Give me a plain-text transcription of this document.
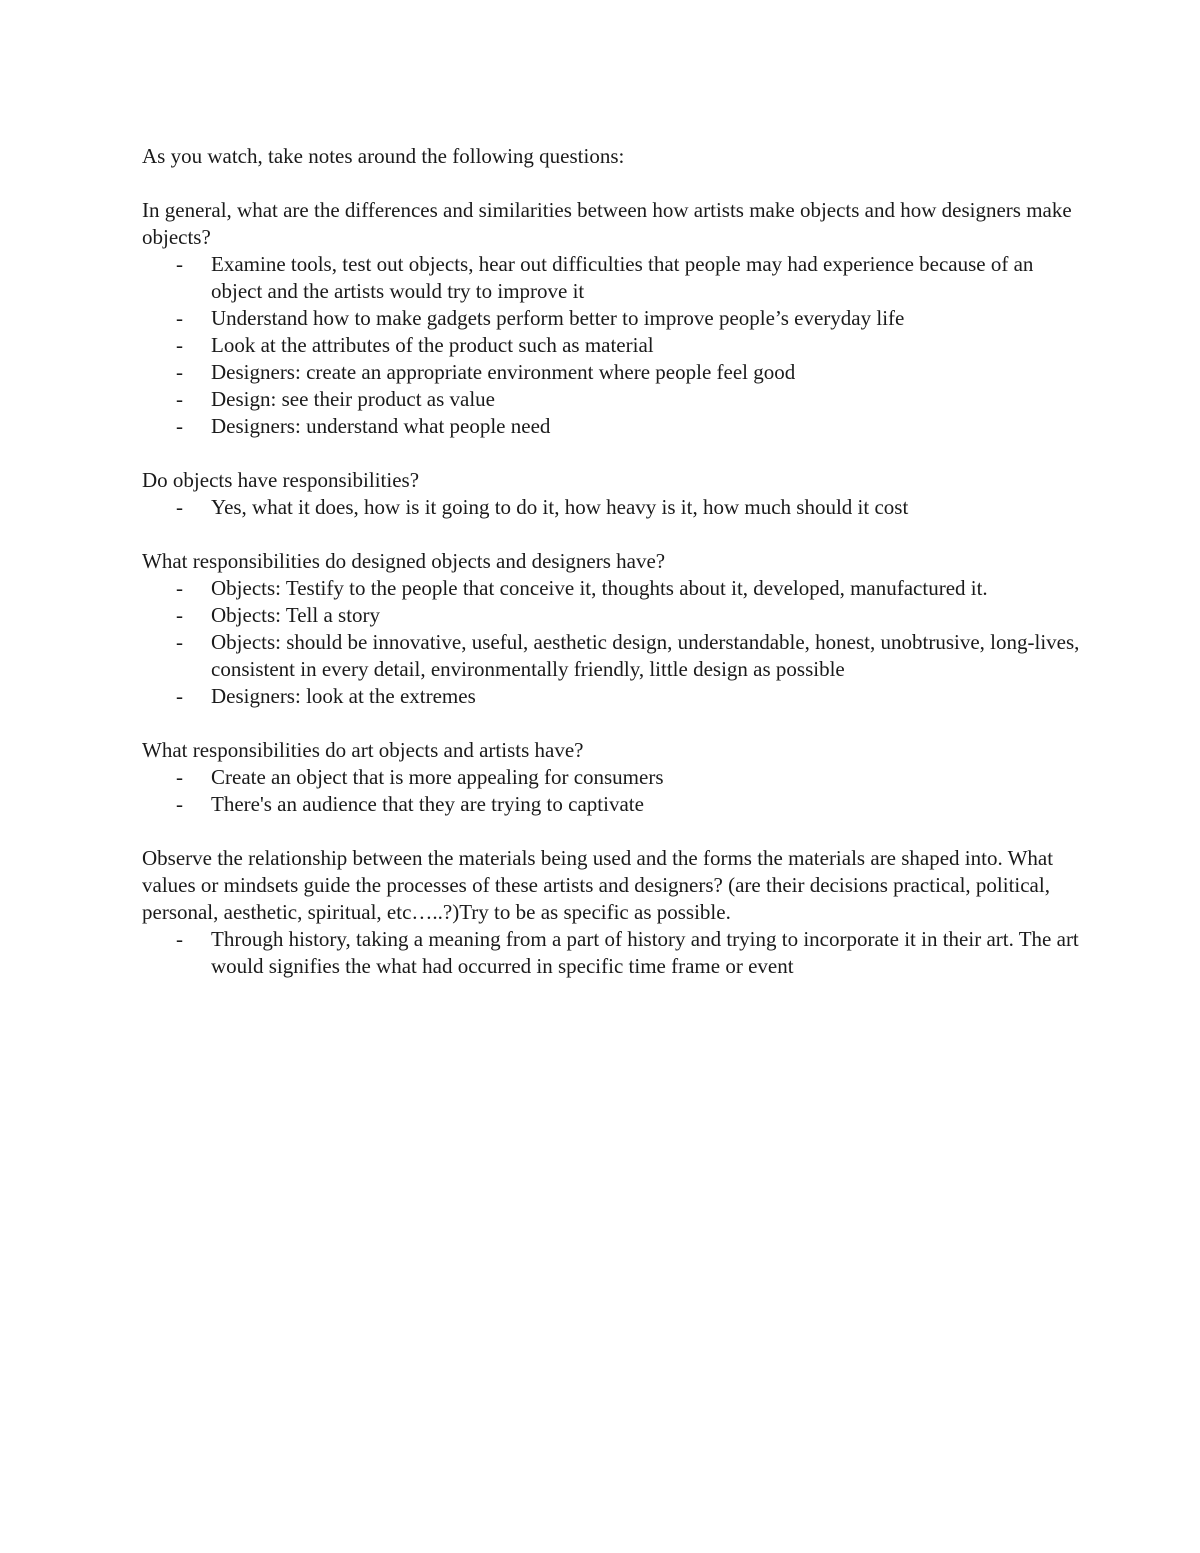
As you watch, take notes around the following questions:

In general, what are the differences and similarities between how artists make objects and how designers make objects?

- Examine tools, test out objects, hear out difficulties that people may had experience because of an object and the artists would try to improve it
- Understand how to make gadgets perform better to improve people’s everyday life
- Look at the attributes of the product such as material
- Designers: create an appropriate environment where people feel good
- Design: see their product as value
- Designers: understand what people need

Do objects have responsibilities?

- Yes, what it does, how is it going to do it, how heavy is it, how much should it cost

What responsibilities do designed objects and designers have?

- Objects: Testify to the people that conceive it, thoughts about it, developed, manufactured it.
- Objects: Tell a story
- Objects: should be innovative, useful, aesthetic design, understandable, honest, unobtrusive, long-lives, consistent in every detail, environmentally friendly, little design as possible
- Designers: look at the extremes

What responsibilities do art objects and artists have?

- Create an object that is more appealing for consumers
- There's an audience that they are trying to captivate

Observe the relationship between the materials being used and the forms the materials are shaped into. What values or mindsets guide the processes of these artists and designers? (are their decisions practical, political, personal, aesthetic, spiritual, etc…..?)Try to be as specific as possible.

- Through history, taking a meaning from a part of history and trying to incorporate it in their art. The art would signifies the what had occurred in specific time frame or event
